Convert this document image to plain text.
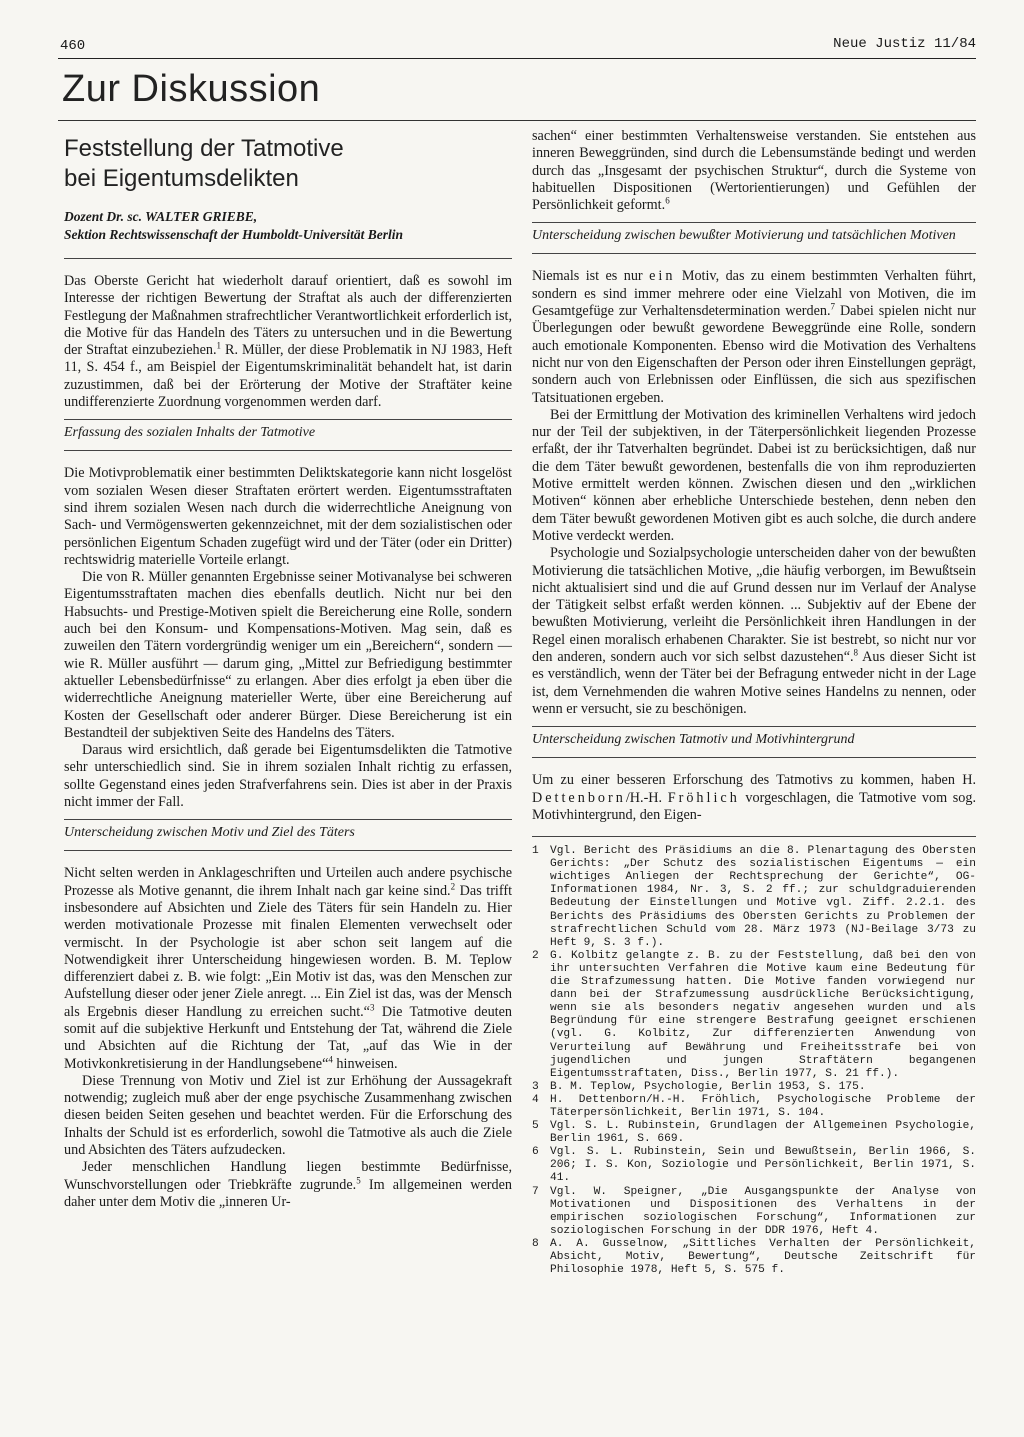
460	Neue Justiz 11/84
Zur Diskussion
Feststellung der Tatmotive
bei Eigentumsdelikten
Dozent Dr. sc. WALTER GRIEBE,
Sektion Rechtswissenschaft der Humboldt-Universität Berlin

Das Oberste Gericht hat wiederholt darauf orientiert, daß es sowohl im Interesse der richtigen Bewertung der Straftat als auch der differenzierten Festlegung der Maßnahmen strafrechtlicher Verantwortlichkeit erforderlich ist, die Motive für das Handeln des Täters zu untersuchen und in die Bewertung der Straftat einzubeziehen.$^1$ R. Müller, der diese Problematik in NJ 1983, Heft 11, S. 454 f., am Beispiel der Eigentumskriminalität behandelt hat, ist darin zuzustimmen, daß bei der Erörterung der Motive der Straftäter keine undifferenzierte Zuordnung vorgenommen werden darf.

Erfassung des sozialen Inhalts der Tatmotive

Die Motivproblematik einer bestimmten Deliktskategorie kann nicht losgelöst vom sozialen Wesen dieser Straftaten erörtert werden. Eigentumsstraftaten sind ihrem sozialen Wesen nach durch die widerrechtliche Aneignung von Sach- und Vermögenswerten gekennzeichnet, mit der dem sozialistischen oder persönlichen Eigentum Schaden zugefügt wird und der Täter (oder ein Dritter) rechtswidrig materielle Vorteile erlangt.

Die von R. Müller genannten Ergebnisse seiner Motivanalyse bei schweren Eigentumsstraftaten machen dies ebenfalls deutlich. Nicht nur bei den Habsuchts- und Prestige-Motiven spielt die Bereicherung eine Rolle, sondern auch bei den Konsum- und Kompensations-Motiven. Mag sein, daß es zuweilen den Tätern vordergründig weniger um ein „Bereichern“, sondern — wie R. Müller ausführt — darum ging, „Mittel zur Befriedigung bestimmter aktueller Lebensbedürfnisse“ zu erlangen. Aber dies erfolgt ja eben über die widerrechtliche Aneignung materieller Werte, über eine Bereicherung auf Kosten der Gesellschaft oder anderer Bürger. Diese Bereicherung ist ein Bestandteil der subjektiven Seite des Handelns des Täters.

Daraus wird ersichtlich, daß gerade bei Eigentumsdelikten die Tatmotive sehr unterschiedlich sind. Sie in ihrem sozialen Inhalt richtig zu erfassen, sollte Gegenstand eines jeden Strafverfahrens sein. Dies ist aber in der Praxis nicht immer der Fall.

Unterscheidung zwischen Motiv und Ziel des Täters

Nicht selten werden in Anklageschriften und Urteilen auch andere psychische Prozesse als Motive genannt, die ihrem Inhalt nach gar keine sind.$^2$ Das trifft insbesondere auf Absichten und Ziele des Täters für sein Handeln zu. Hier werden motivationale Prozesse mit finalen Elementen verwechselt oder vermischt. In der Psychologie ist aber schon seit langem auf die Notwendigkeit ihrer Unterscheidung hingewiesen worden. B. M. Teplow differenziert dabei z. B. wie folgt: „Ein Motiv ist das, was den Menschen zur Aufstellung dieser oder jener Ziele anregt. ... Ein Ziel ist das, was der Mensch als Ergebnis dieser Handlung zu erreichen sucht.“$^3$ Die Tatmotive deuten somit auf die subjektive Herkunft und Entstehung der Tat, während die Ziele und Absichten auf die Richtung der Tat, „auf das Wie in der Motivkonkretisierung in der Handlungsebene“$^4$ hinweisen.

Diese Trennung von Motiv und Ziel ist zur Erhöhung der Aussagekraft notwendig; zugleich muß aber der enge psychische Zusammenhang zwischen diesen beiden Seiten gesehen und beachtet werden. Für die Erforschung des Inhalts der Schuld ist es erforderlich, sowohl die Tatmotive als auch die Ziele und Absichten des Täters aufzudecken.

Jeder menschlichen Handlung liegen bestimmte Bedürfnisse, Wunschvorstellungen oder Triebkräfte zugrunde.$^5$ Im allgemeinen werden daher unter dem Motiv die „inneren Ur-

sachen“ einer bestimmten Verhaltensweise verstanden. Sie entstehen aus inneren Beweggründen, sind durch die Lebensumstände bedingt und werden durch das „Insgesamt der psychischen Struktur“, durch die Systeme von habituellen Dispositionen (Wertorientierungen) und Gefühlen der Persönlichkeit geformt.$^6$

Unterscheidung zwischen bewußter Motivierung und tatsächlichen Motiven

Niemals ist es nur ein Motiv, das zu einem bestimmten Verhalten führt, sondern es sind immer mehrere oder eine Vielzahl von Motiven, die im Gesamtgefüge zur Verhaltensdetermination werden.$^7$ Dabei spielen nicht nur Überlegungen oder bewußt gewordene Beweggründe eine Rolle, sondern auch emotionale Komponenten. Ebenso wird die Motivation des Verhaltens nicht nur von den Eigenschaften der Person oder ihren Einstellungen geprägt, sondern auch von Erlebnissen oder Einflüssen, die sich aus spezifischen Tatsituationen ergeben.

Bei der Ermittlung der Motivation des kriminellen Verhaltens wird jedoch nur der Teil der subjektiven, in der Täterpersönlichkeit liegenden Prozesse erfaßt, der ihr Tatverhalten begründet. Dabei ist zu berücksichtigen, daß nur die dem Täter bewußt gewordenen, bestenfalls die von ihm reproduzierten Motive ermittelt werden können. Zwischen diesen und den „wirklichen Motiven“ können aber erhebliche Unterschiede bestehen, denn neben den dem Täter bewußt gewordenen Motiven gibt es auch solche, die durch andere Motive verdeckt werden.

Psychologie und Sozialpsychologie unterscheiden daher von der bewußten Motivierung die tatsächlichen Motive, „die häufig verborgen, im Bewußtsein nicht aktualisiert sind und die auf Grund dessen nur im Verlauf der Analyse der Tätigkeit selbst erfaßt werden können. ... Subjektiv auf der Ebene der bewußten Motivierung, verleiht die Persönlichkeit ihren Handlungen in der Regel einen moralisch erhabenen Charakter. Sie ist bestrebt, so nicht nur vor den anderen, sondern auch vor sich selbst dazustehen“.$^8$ Aus dieser Sicht ist es verständlich, wenn der Täter bei der Befragung entweder nicht in der Lage ist, dem Vernehmenden die wahren Motive seines Handelns zu nennen, oder wenn er versucht, sie zu beschönigen.

Unterscheidung zwischen Tatmotiv und Motivhintergrund

Um zu einer besseren Erforschung des Tatmotivs zu kommen, haben H. Dettenborn/H.-H. Fröhlich vorgeschlagen, die Tatmotive vom sog. Motivhintergrund, den Eigen-

1	Vgl. Bericht des Präsidiums an die 8. Plenartagung des Obersten Gerichts: „Der Schutz des sozialistischen Eigentums — ein wichtiges Anliegen der Rechtsprechung der Gerichte“, OG-Informationen 1984, Nr. 3, S. 2 ff.; zur schuldgraduierenden Bedeutung der Einstellungen und Motive vgl. Ziff. 2.2.1. des Berichts des Präsidiums des Obersten Gerichts zu Problemen der strafrechtlichen Schuld vom 28. März 1973 (NJ-Beilage 3/73 zu Heft 9, S. 3 f.).
2	G. Kolbitz gelangte z. B. zu der Feststellung, daß bei den von ihr untersuchten Verfahren die Motive kaum eine Bedeutung für die Strafzumessung hatten. Die Motive fanden vorwiegend nur dann bei der Strafzumessung ausdrückliche Berücksichtigung, wenn sie als besonders negativ angesehen wurden und als Begründung für eine strengere Bestrafung geeignet erschienen (vgl. G. Kolbitz, Zur differenzierten Anwendung von Verurteilung auf Bewährung und Freiheitsstrafe bei von jugendlichen und jungen Straftätern begangenen Eigentumsstraftaten, Diss., Berlin 1977, S. 21 ff.).
3	B. M. Teplow, Psychologie, Berlin 1953, S. 175.
4	H. Dettenborn/H.-H. Fröhlich, Psychologische Probleme der Täterpersönlichkeit, Berlin 1971, S. 104.
5	Vgl. S. L. Rubinstein, Grundlagen der Allgemeinen Psychologie, Berlin 1961, S. 669.
6	Vgl. S. L. Rubinstein, Sein und Bewußtsein, Berlin 1966, S. 206; I. S. Kon, Soziologie und Persönlichkeit, Berlin 1971, S. 41.
7	Vgl. W. Speigner, „Die Ausgangspunkte der Analyse von Motivationen und Dispositionen des Verhaltens in der empirischen soziologischen Forschung“, Informationen zur soziologischen Forschung in der DDR 1976, Heft 4.
8	A. A. Gusselnow, „Sittliches Verhalten der Persönlichkeit, Absicht, Motiv, Bewertung“, Deutsche Zeitschrift für Philosophie 1978, Heft 5, S. 575 f.
